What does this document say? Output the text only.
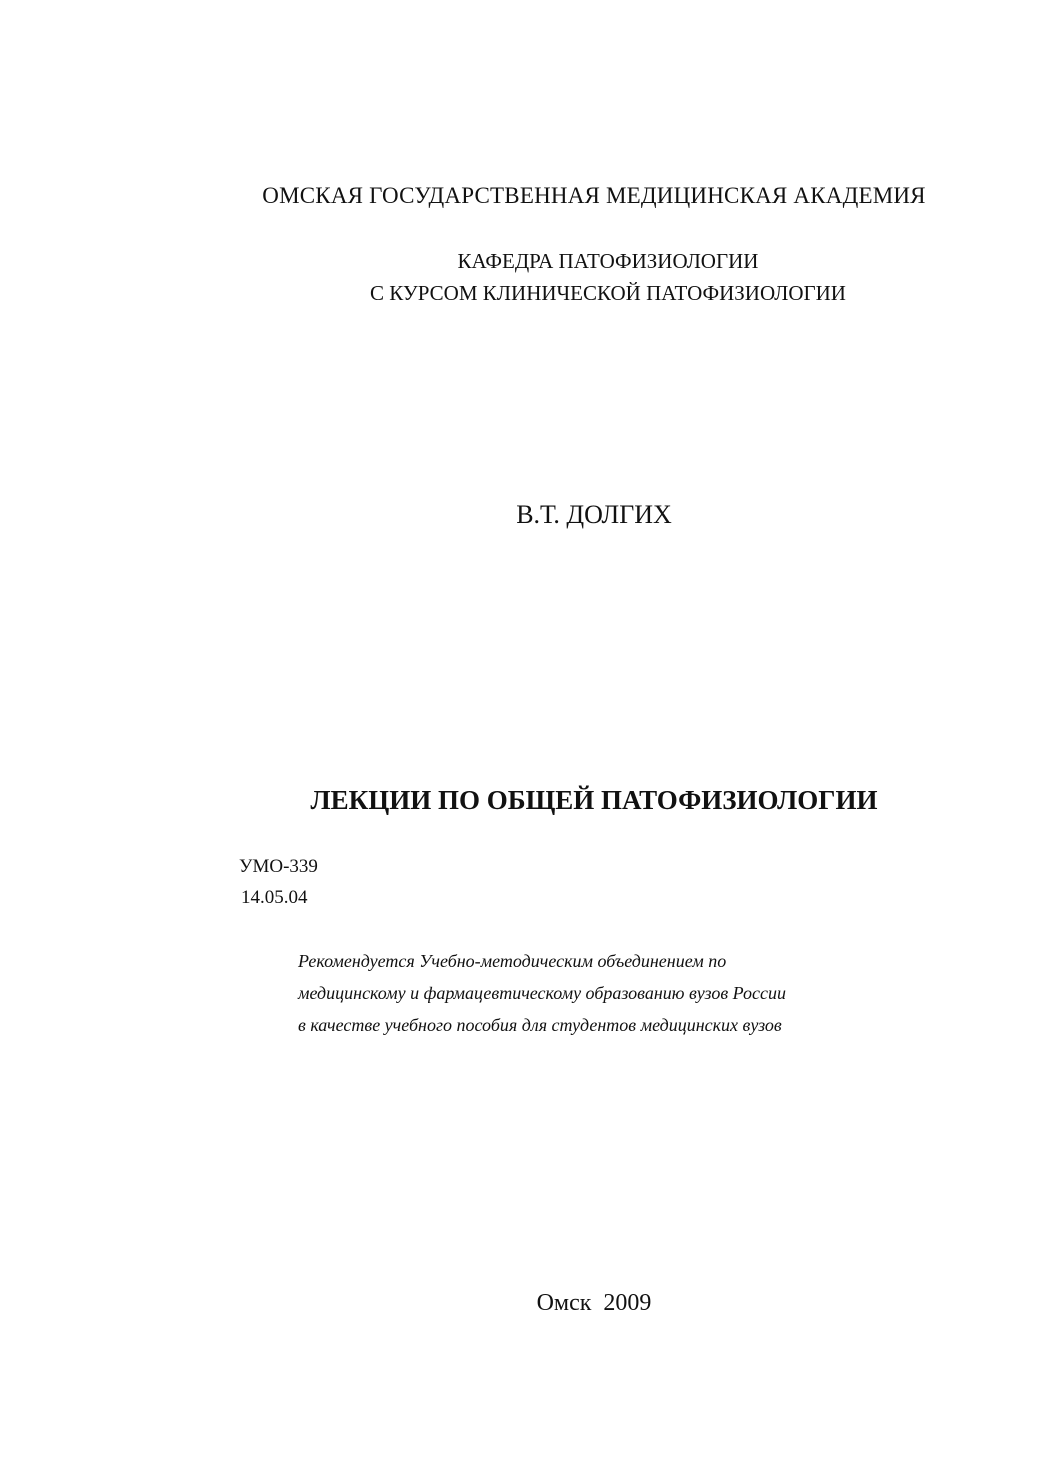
ОМСКАЯ ГОСУДАРСТВЕННАЯ МЕДИЦИНСКАЯ АКАДЕМИЯ

КАФЕДРА ПАТОФИЗИОЛОГИИ

С КУРСОМ КЛИНИЧЕСКОЙ ПАТОФИЗИОЛОГИИ

В.Т. ДОЛГИХ

ЛЕКЦИИ ПО ОБЩЕЙ ПАТОФИЗИОЛОГИИ

УМО-339

14.05.04

Рекомендуется Учебно-методическим объединением по

медицинскому и фармацевтическому образованию вузов России

в качестве учебного пособия для студентов медицинских вузов

Омск  2009
